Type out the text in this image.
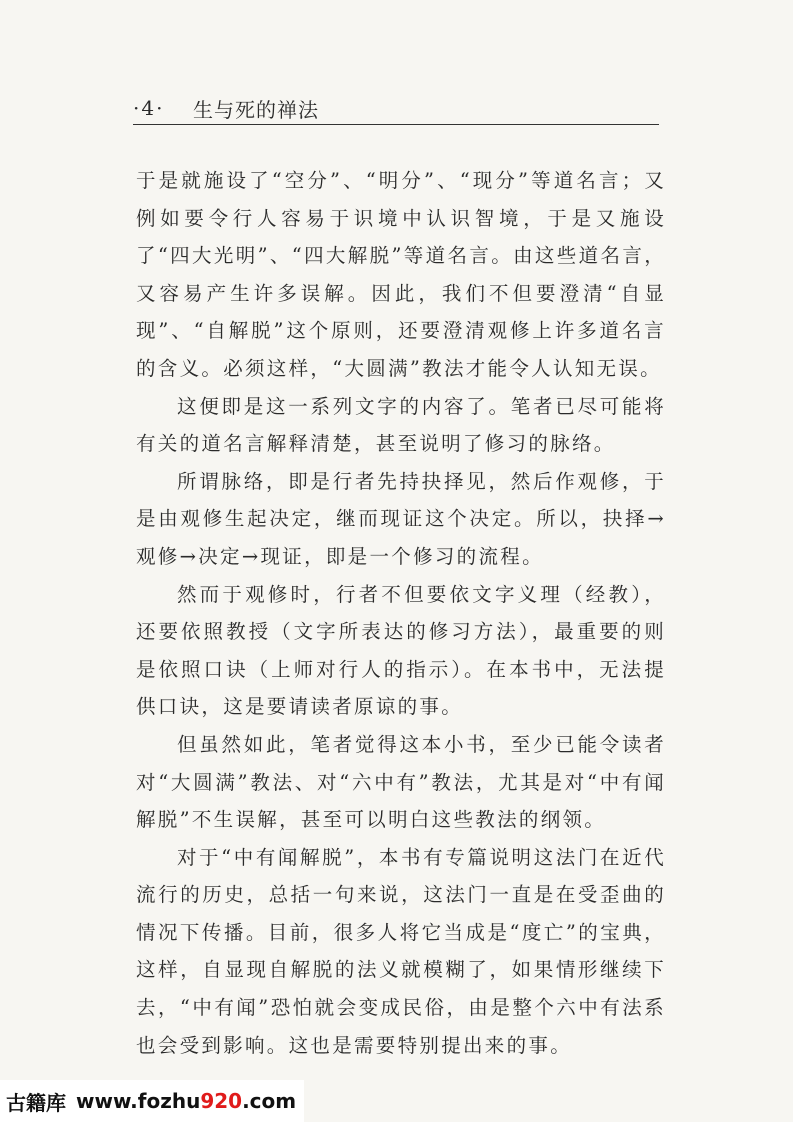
·4· 生与死的禅法

于是就施设了“空分”、“明分”、“现分”等道名言；又例如要令行人容易于识境中认识智境，于是又施设了“四大光明”、“四大解脱”等道名言。由这些道名言，又容易产生许多误解。因此，我们不但要澄清“自显现”、“自解脱”这个原则，还要澄清观修上许多道名言的含义。必须这样，“大圆满”教法才能令人认知无误。

这便即是这一系列文字的内容了。笔者已尽可能将有关的道名言解释清楚，甚至说明了修习的脉络。

所谓脉络，即是行者先持抉择见，然后作观修，于是由观修生起决定，继而现证这个决定。所以，抉择→观修→决定→现证，即是一个修习的流程。

然而于观修时，行者不但要依文字义理（经教），还要依照教授（文字所表达的修习方法），最重要的则是依照口诀（上师对行人的指示）。在本书中，无法提供口诀，这是要请读者原谅的事。

但虽然如此，笔者觉得这本小书，至少已能令读者对“大圆满”教法、对“六中有”教法，尤其是对“中有闻解脱”不生误解，甚至可以明白这些教法的纲领。

对于“中有闻解脱”，本书有专篇说明这法门在近代流行的历史，总括一句来说，这法门一直是在受歪曲的情况下传播。目前，很多人将它当成是“度亡”的宝典，这样，自显现自解脱的法义就模糊了，如果情形继续下去，“中有闻”恐怕就会变成民俗，由是整个六中有法系也会受到影响。这也是需要特别提出来的事。

古籍库 www.fozhu920.com
